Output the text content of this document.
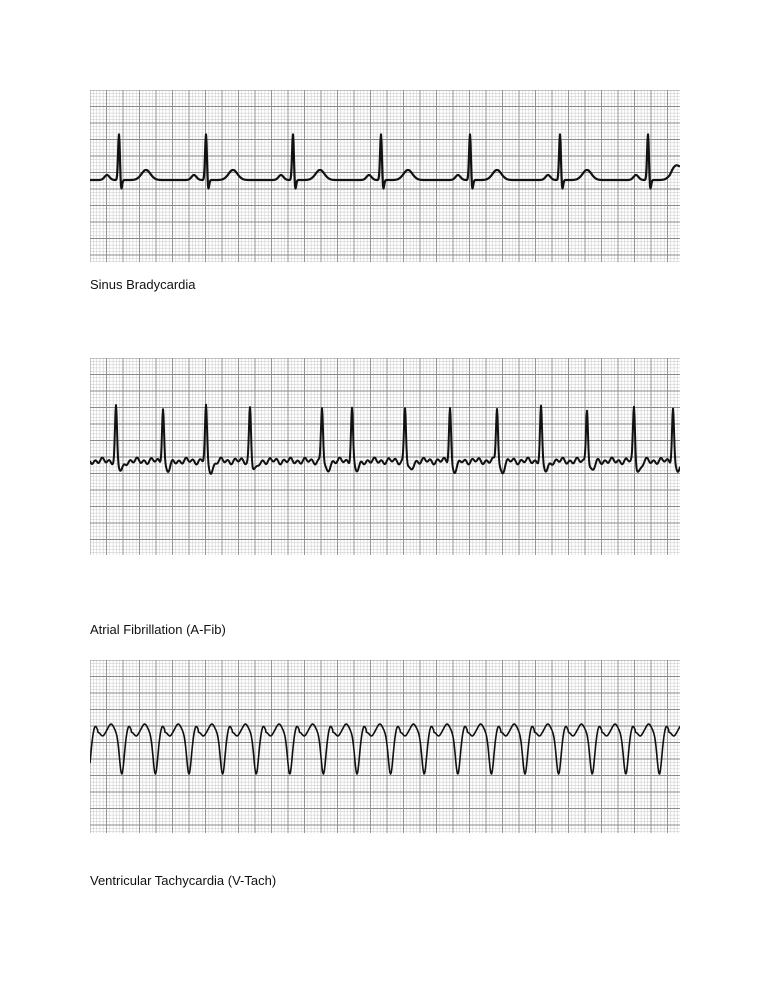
Sinus Bradycardia
Atrial Fibrillation (A-Fib)
Ventricular Tachycardia (V-Tach)
